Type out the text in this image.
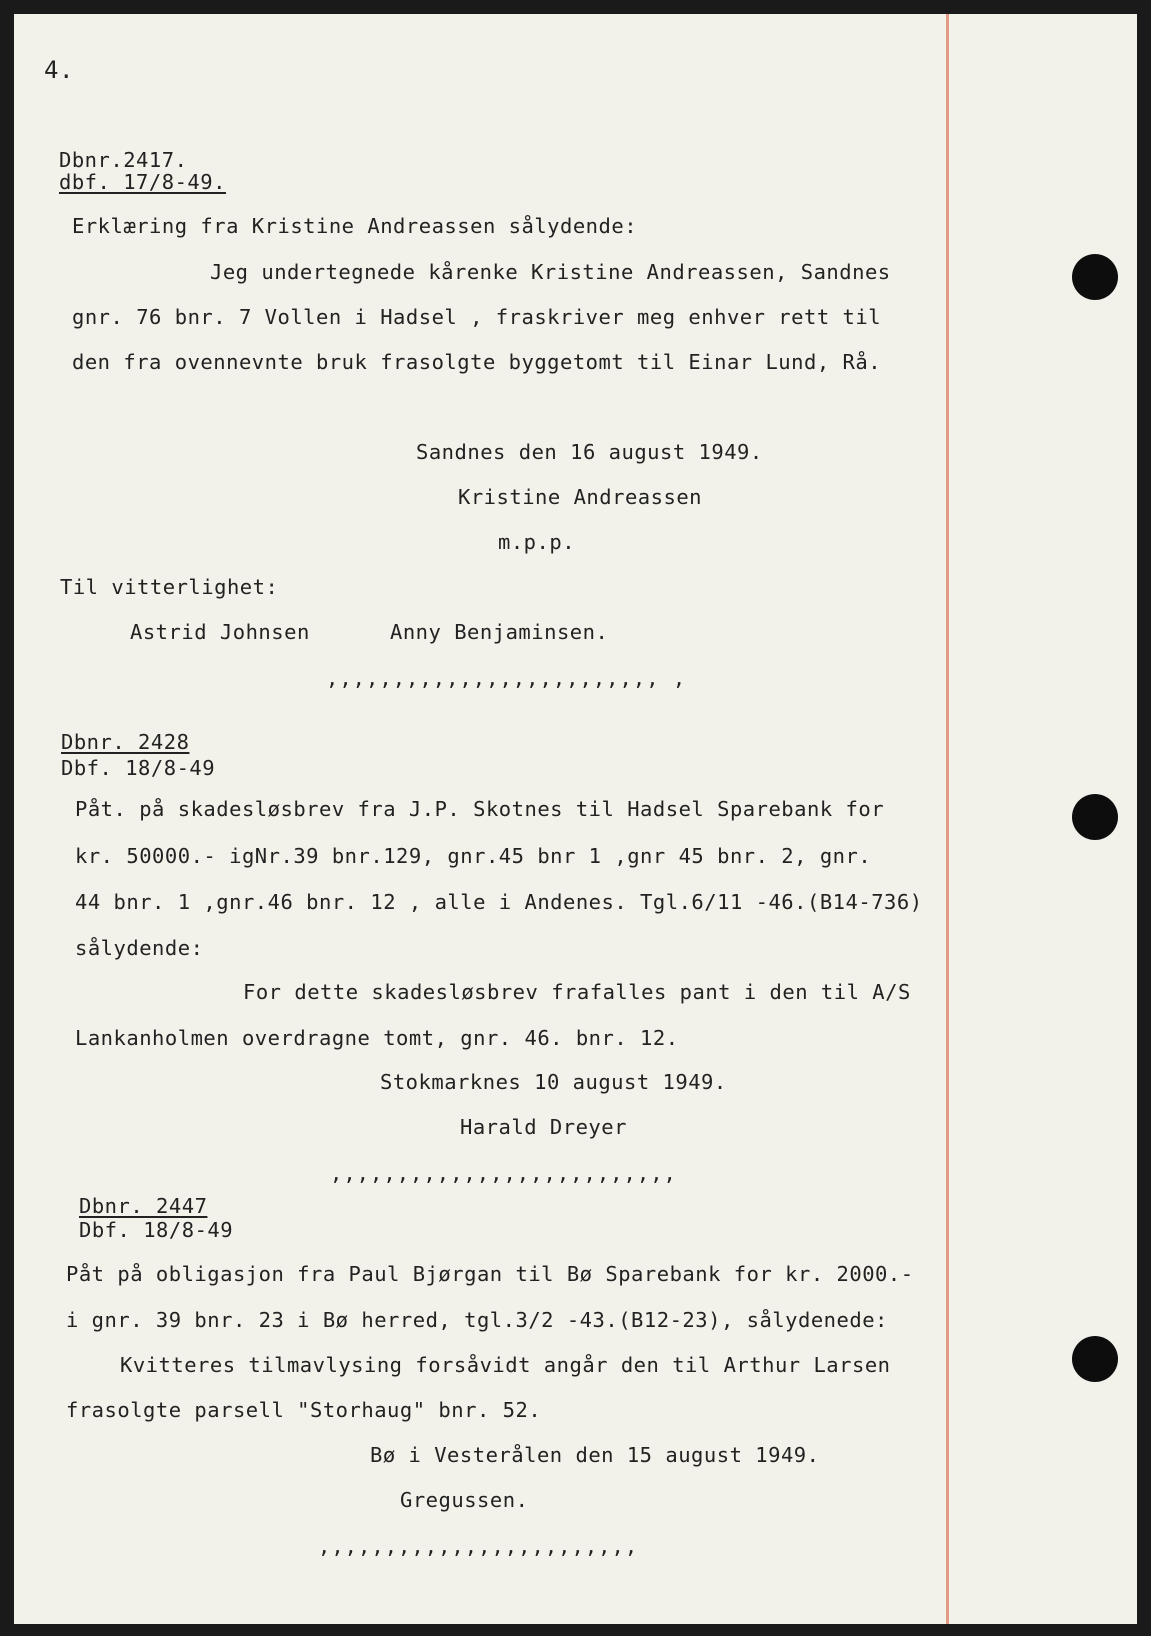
4.
Dbnr.2417.
dbf. 17/8-49.
Erklæring fra Kristine Andreassen sålydende:
Jeg undertegnede kårenke Kristine Andreassen, Sandnes
gnr. 76 bnr. 7 Vollen i Hadsel , fraskriver meg enhver rett til
den fra ovennevnte bruk frasolgte byggetomt til Einar Lund, Rå.
Sandnes den 16 august 1949.
Kristine Andreassen
m.p.p.
Til vitterlighet:
Astrid Johnsen	Anny Benjaminsen.
,,,,,,,,,,,,,,,,,,,,,,,,, ,
Dbnr. 2428
Dbf. 18/8-49
Påt. på skadesløsbrev fra J.P. Skotnes til Hadsel Sparebank for
kr. 50000.- igNr.39 bnr.129, gnr.45 bnr 1 ,gnr 45 bnr. 2, gnr.
44 bnr. 1 ,gnr.46 bnr. 12 , alle i Andenes. Tgl.6/11 -46.(B14-736)
sålydende:
For dette skadesløsbrev frafalles pant i den til A/S
Lankanholmen overdragne tomt, gnr. 46. bnr. 12.
Stokmarknes 10 august 1949.
Harald Dreyer
,,,,,,,,,,,,,,,,,,,,,,,,,,
Dbnr. 2447
Dbf. 18/8-49
Påt på obligasjon fra Paul Bjørgan til Bø Sparebank for kr. 2000.-
i gnr. 39 bnr. 23 i Bø herred, tgl.3/2 -43.(B12-23), sålydenede:
Kvitteres tilmavlysing forsåvidt angår den til Arthur Larsen
frasolgte parsell "Storhaug" bnr. 52.
Bø i Vesterålen den 15 august 1949.
Gregussen.
,,,,,,,,,,,,,,,,,,,,,,,,
